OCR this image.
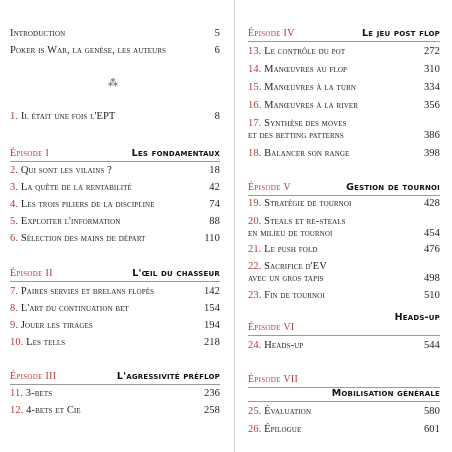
Introduction	5
Poker is War, la genèse, les auteurs	6
⁂
1. Il était une fois l'EPT	8
Épisode I	Les fondamentaux
2. Qui sont les vilains ?	18
3. La quête de la rentabilité	42
4. Les trois piliers de la discipline	74
5. Exploiter l'information	88
6. Sélection des mains de départ	110
Épisode II	L'œil du chasseur
7. Paires servies et brelans flopés	142
8. L'art du continuation bet	154
9. Jouer les tirages	194
10. Les tells	218
Épisode III	L'agressivité préflop
11. 3-bets	236
12. 4-bets et Cie	258
Épisode IV	Le jeu post flop
13. Le contrôle du pot	272
14. Manœuvres au flop	310
15. Manœuvres à la turn	334
16. Manœuvres à la river	356
17. Synthèse des moves
et des betting patterns	386
18. Balancer son range	398
Épisode V	Gestion de tournoi
19. Stratégie de tournoi	428
20. Steals et re-steals
en milieu de tournoi	454
21. Le push fold	476
22. Sacrifice d'EV
avec un gros tapis	498
23. Fin de tournoi	510
Épisode VI
Heads-up
24. Heads-up	544
Épisode VII
Mobilisation générale
25. Évaluation	580
26. Épilogue	601
